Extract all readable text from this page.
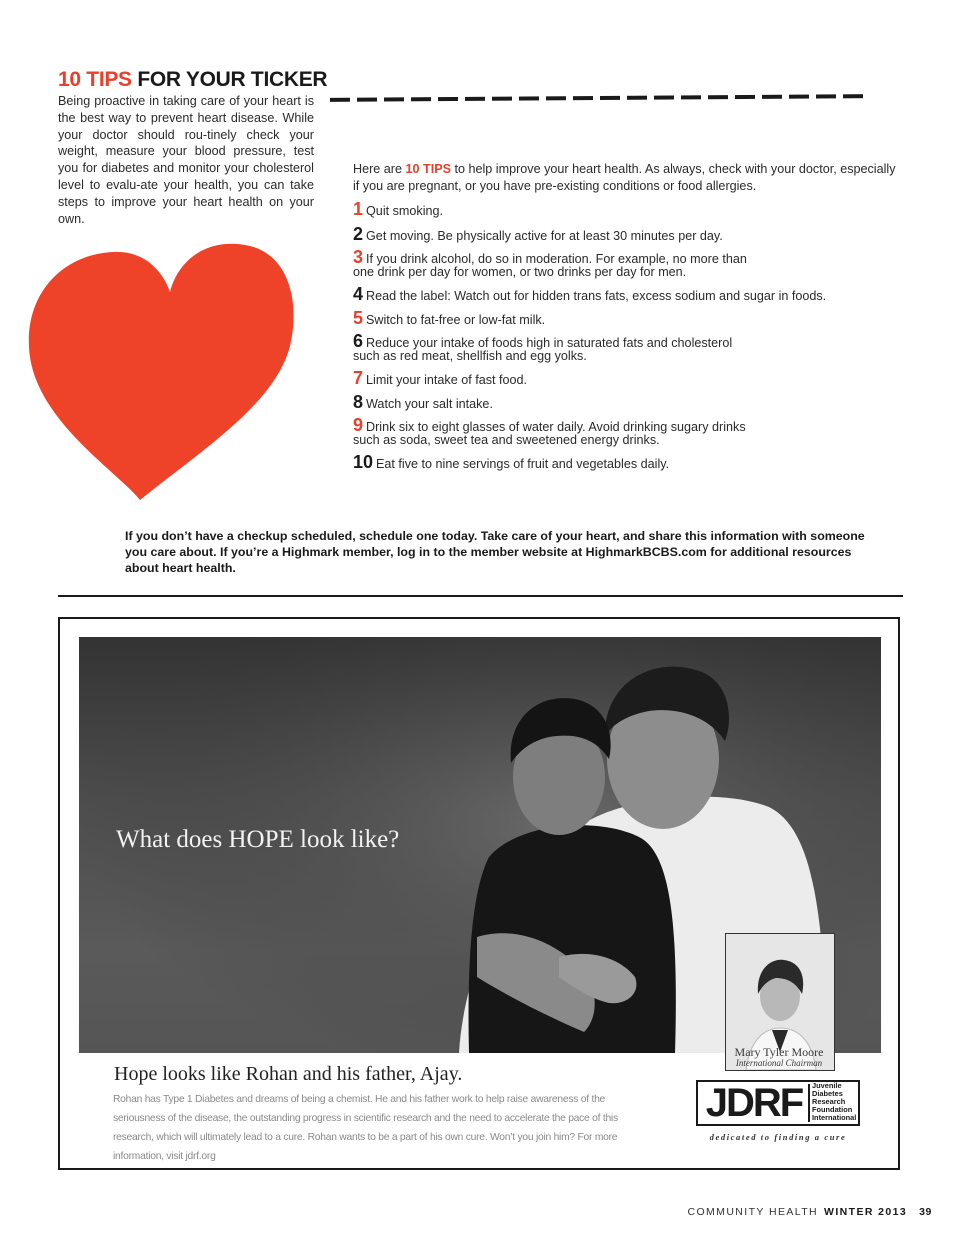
10 TIPS FOR YOUR TICKER
Being proactive in taking care of your heart is the best way to prevent heart disease. While your doctor should rou-tinely check your weight, measure your blood pressure, test you for diabetes and monitor your cholesterol level to evalu-ate your health, you can take steps to improve your heart health on your own.
Here are 10 TIPS to help improve your heart health. As always, check with your doctor, especially if you are pregnant, or you have pre-existing conditions or food allergies.
1 Quit smoking.
2 Get moving. Be physically active for at least 30 minutes per day.
3 If you drink alcohol, do so in moderation. For example, no more than
one drink per day for women, or two drinks per day for men.
4 Read the label: Watch out for hidden trans fats, excess sodium and sugar in foods.
5 Switch to fat-free or low-fat milk.
6 Reduce your intake of foods high in saturated fats and cholesterol
such as red meat, shellfish and egg yolks.
7 Limit your intake of fast food.
8 Watch your salt intake.
9 Drink six to eight glasses of water daily. Avoid drinking sugary drinks
such as soda, sweet tea and sweetened energy drinks.
10 Eat five to nine servings of fruit and vegetables daily.
If you don’t have a checkup scheduled, schedule one today. Take care of your heart, and share this information with someone you care about. If you’re a Highmark member, log in to the member website at HighmarkBCBS.com for additional resources about heart health.
What does HOPE look like?
Mary Tyler Moore
International Chairman
Hope looks like Rohan and his father, Ajay.
Rohan has Type 1 Diabetes and dreams of being a chemist. He and his father work to help raise awareness of the seriousness of the disease, the outstanding progress in scientific research and the need to accelerate the pace of this research, which will ultimately lead to a cure. Rohan wants to be a part of his own cure. Won’t you join him? For more information, visit jdrf.org
JDRF	Juvenile
Diabetes
Research
Foundation
International
dedicated to finding a cure
COMMUNITY HEALTH WINTER 2013 39
